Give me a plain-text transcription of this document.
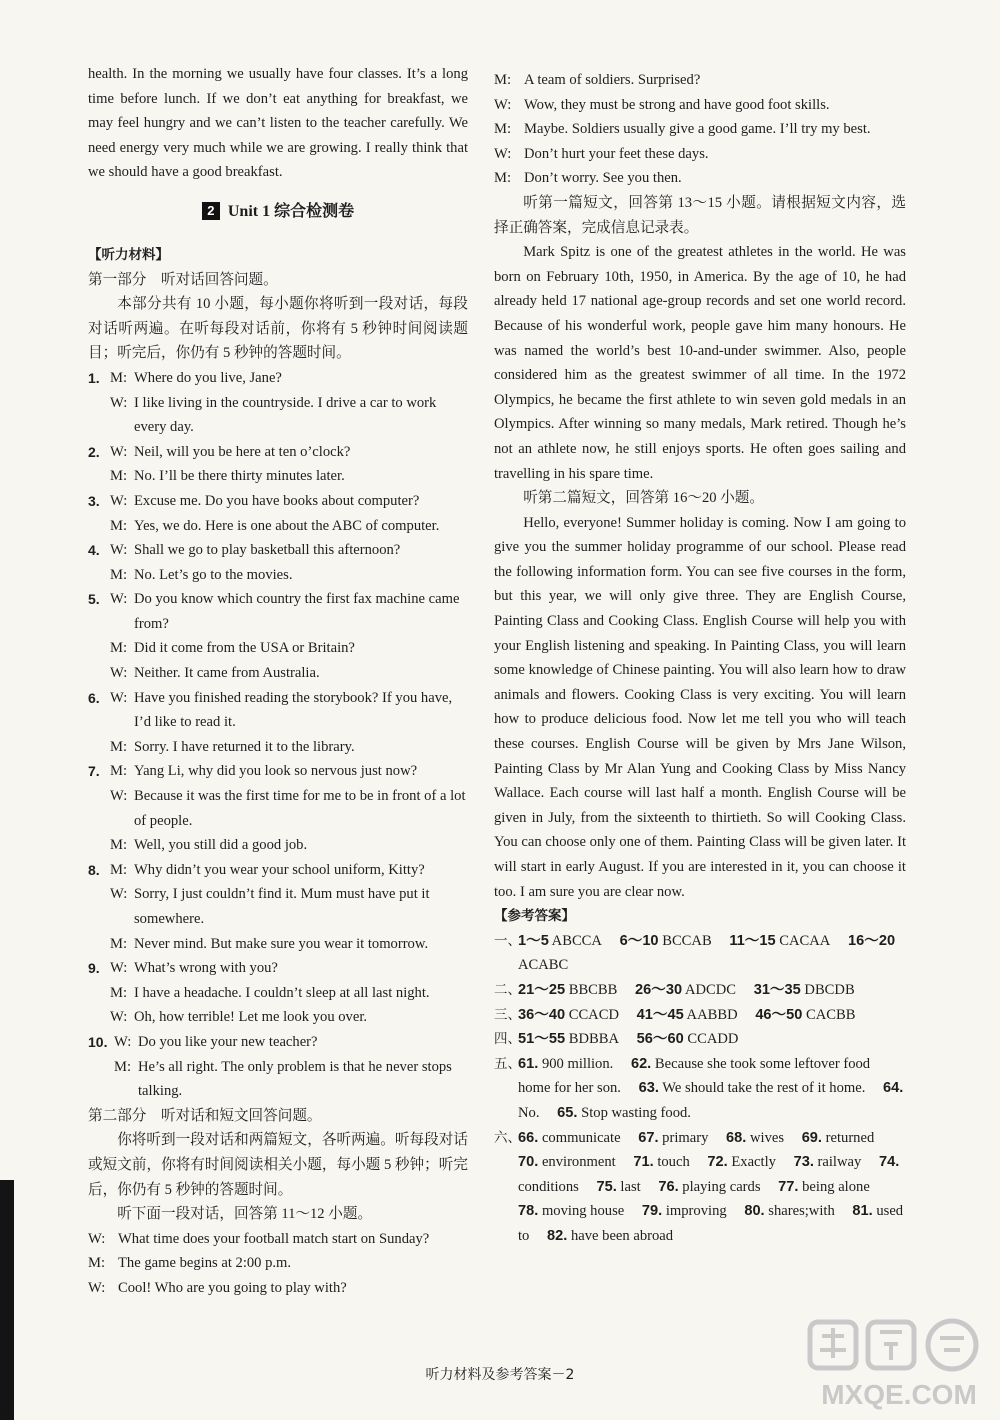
health. In the morning we usually have four classes. It’s a long time before lunch. If we don’t eat anything for breakfast, we may feel hungry and we can’t listen to the teacher carefully. We need energy very much while we are growing. I really think that we should have a good breakfast.

2 Unit 1 综合检测卷

【听力材料】

第一部分　听对话回答问题。

本部分共有 10 小题，每小题你将听到一段对话，每段对话听两遍。在听每段对话前，你将有 5 秒钟时间阅读题目；听完后，你仍有 5 秒钟的答题时间。

1. M: Where do you live, Jane?
W: I like living in the countryside. I drive a car to work every day.
2. W: Neil, will you be here at ten o’clock?
M: No. I’ll be there thirty minutes later.
3. W: Excuse me. Do you have books about computer?
M: Yes, we do. Here is one about the ABC of computer.
4. W: Shall we go to play basketball this afternoon?
M: No. Let’s go to the movies.
5. W: Do you know which country the first fax machine came from?
M: Did it come from the USA or Britain?
W: Neither. It came from Australia.
6. W: Have you finished reading the storybook? If you have, I’d like to read it.
M: Sorry. I have returned it to the library.
7. M: Yang Li, why did you look so nervous just now?
W: Because it was the first time for me to be in front of a lot of people.
M: Well, you still did a good job.
8. M: Why didn’t you wear your school uniform, Kitty?
W: Sorry, I just couldn’t find it. Mum must have put it somewhere.
M: Never mind. But make sure you wear it tomorrow.
9. W: What’s wrong with you?
M: I have a headache. I couldn’t sleep at all last night.
W: Oh, how terrible! Let me look you over.
10. W: Do you like your new teacher?
M: He’s all right. The only problem is that he never stops talking.

第二部分　听对话和短文回答问题。

你将听到一段对话和两篇短文，各听两遍。听每段对话或短文前，你将有时间阅读相关小题，每小题 5 秒钟；听完后，你仍有 5 秒钟的答题时间。

听下面一段对话，回答第 11～12 小题。

W: What time does your football match start on Sunday?
M: The game begins at 2:00 p.m.
W: Cool! Who are you going to play with?
M: A team of soldiers. Surprised?
W: Wow, they must be strong and have good foot skills.
M: Maybe. Soldiers usually give a good game. I’ll try my best.
W: Don’t hurt your feet these days.
M: Don’t worry. See you then.

听第一篇短文，回答第 13～15 小题。请根据短文内容，选择正确答案，完成信息记录表。

Mark Spitz is one of the greatest athletes in the world. He was born on February 10th, 1950, in America. By the age of 10, he had already held 17 national age-group records and set one world record. Because of his wonderful work, people gave him many honours. He was named the world’s best 10-and-under swimmer. Also, people considered him as the greatest swimmer of all time. In the 1972 Olympics, he became the first athlete to win seven gold medals in an Olympics. After winning so many medals, Mark retired. Though he’s not an athlete now, he still enjoys sports. He often goes sailing and travelling in his spare time.

听第二篇短文，回答第 16～20 小题。

Hello, everyone! Summer holiday is coming. Now I am going to give you the summer holiday programme of our school. Please read the following information form. You can see five courses in the form, but this year, we will only give three. They are English Course, Painting Class and Cooking Class. English Course will help you with your English listening and speaking. In Painting Class, you will learn some knowledge of Chinese painting. You will also learn how to draw animals and flowers. Cooking Class is very exciting. You will learn how to produce delicious food. Now let me tell you who will teach these courses. English Course will be given by Mrs Jane Wilson, Painting Class by Mr Alan Yung and Cooking Class by Miss Nancy Wallace. Each course will last half a month. English Course will be given in July, from the sixteenth to thirtieth. So will Cooking Class. You can choose only one of them. Painting Class will be given later. It will start in early August. If you are interested in it, you can choose it too. I am sure you are clear now.

【参考答案】

一、
1～5 ABCCA 6～10 BCCAB 11～15 CACAA 16～20 ACABC
二、
21～25 BBCBB 26～30 ADCDC 31～35 DBCDB
三、
36～40 CCACD 41～45 AABBD 46～50 CACBB
四、
51～55 BDBBA 56～60 CCADD
五、
61. 900 million. 62. Because she took some leftover food home for her son. 63. We should take the rest of it home. 64. No. 65. Stop wasting food.
六、
66. communicate 67. primary 68. wives 69. returned 70. environment 71. touch 72. Exactly 73. railway 74. conditions 75. last 76. playing cards 77. being alone 78. moving house 79. improving 80. shares;with 81. used to 82. have been abroad
听力材料及参考答案－2
MXQE.COM
